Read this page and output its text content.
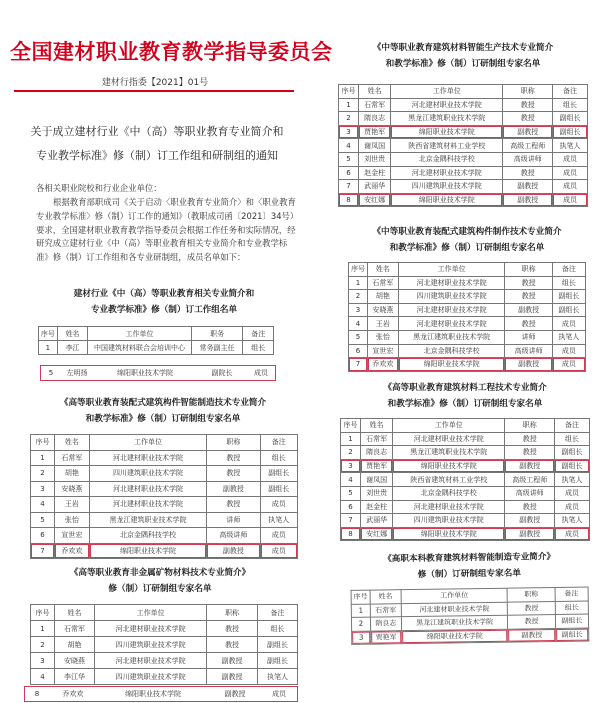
全国建材职业教育教学指导委员会
建材行指委【2021】01号
关于成立建材行业《中（高）等职业教育专业简介和
专业教学标准》修（制）订工作组和研制组的通知
各相关职业院校和行业企业单位：
根据教育部职成司《关于启动〈职业教育专业简介〉和〈职业教育专业教学标准〉修（制）订工作的通知》（教职成司函〔2021〕34号）要求，全国建材职业教育教学指导委员会根据工作任务和实际情况，经研究成立建材行业《中（高）等职业教育相关专业简介和专业教学标准》修（制）订工作组和各专业研制组，成员名单如下：
建材行业《中（高）等职业教育相关专业简介和
专业教学标准》修（制）订工作组名单
序号	姓名	工作单位	职务	备注
1	李江	中国建筑材料联合会培训中心	常务副主任	组长
5	左明扬	绵阳职业技术学院	副院长	成员
《高等职业教育装配式建筑构件智能制造技术专业简介
和教学标准》修（制）订研制组专家名单
序号	姓名	工作单位	职称	备注
1	石常军	河北建材职业技术学院	教授	组长
2	胡艳	四川建筑职业技术学院	教授	副组长
3	安晓燕	河北建材职业技术学院	副教授	副组长
4	王岩	河北建材职业技术学院	教授	成员
5	张怡	黑龙江建筑职业技术学院	讲师	执笔人
6	宣世宏	北京金隅科技学校	高级讲师	成员
7	乔欢欢	绵阳职业技术学院	副教授	成员
《高等职业教育非金属矿物材料技术专业简介》
修（制）订研制组专家名单
序号	姓名	工作单位	职称	备注
1	石常军	河北建材职业技术学院	教授	组长
2	胡艳	四川建筑职业技术学院	教授	副组长
3	安晓燕	河北建材职业技术学院	副教授	副组长
4	李江华	四川建筑职业技术学院	副教授	执笔人
8	乔欢欢	绵阳职业技术学院	副教授	成员
《中等职业教育建筑材料智能生产技术专业简介
和教学标准》修（制）订研制组专家名单
序号	姓名	工作单位	职称	备注
1	石常军	河北建材职业技术学院	教授	组长
2	隋良志	黑龙江建筑职业技术学院	教授	副组长
3	贾艳军	绵阳职业技术学院	副教授	副组长
4	谢凤国	陕西省建筑材料工业学校	高级工程师	执笔人
5	刘世贵	北京金隅科技学校	高级讲师	成员
6	赵金柱	河北建材职业技术学院	教授	成员
7	武丽华	四川建筑职业技术学院	副教授	成员
8	安红娜	绵阳职业技术学院	副教授	成员
《中等职业教育装配式建筑构件制作技术专业简介
和教学标准》修（制）订研制组专家名单
序号	姓名	工作单位	职称	备注
1	石常军	河北建材职业技术学院	教授	组长
2	胡艳	四川建筑职业技术学院	教授	副组长
3	安晓燕	河北建材职业技术学院	副教授	副组长
4	王岩	河北建材职业技术学院	教授	成员
5	张怡	黑龙江建筑职业技术学院	讲师	执笔人
6	宣世宏	北京金隅科技学校	高级讲师	成员
7	乔欢欢	绵阳职业技术学院	副教授	成员
《高等职业教育建筑材料工程技术专业简介
和教学标准》修（制）订研制组专家名单
序号	姓名	工作单位	职称	备注
1	石常军	河北建材职业技术学院	教授	组长
2	隋良志	黑龙江建筑职业技术学院	教授	副组长
3	贾艳军	绵阳职业技术学院	副教授	副组长
4	谢凤国	陕西省建筑材料工业学校	高级工程师	执笔人
5	刘世贵	北京金隅科技学校	高级讲师	成员
6	赵金柱	河北建材职业技术学院	教授	成员
7	武丽华	四川建筑职业技术学院	副教授	执笔人
8	安红娜	绵阳职业技术学院	副教授	成员
《高职本科教育建筑材料智能制造专业简介》
修（制）订研制组专家名单
序号	姓名	工作单位	职称	备注
1	石常军	河北建材职业技术学院	教授	组长
2	隋良志	黑龙江建筑职业技术学院	教授	副组长
3	贾艳军	绵阳职业技术学院	副教授	副组长
